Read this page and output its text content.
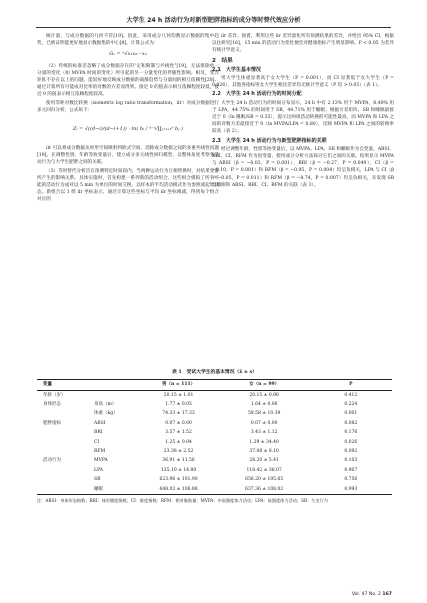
大学生 24 h 活动行为对新型肥胖指标的成分等时替代效应分析

统计量，与成分数据的几何不符[19]。因此，采用成分几何均数显示数据的集中趋势，已被证明能更好地显示数据集的中心[8]，计算公式为：

Gₓ = ⁿ√x₁x₂···xₙ

（2）传统的标准差忽略了成分数据存在的“定和限制与共线性”[19]，无法排除单一分量的变化（如 MVPA 时间的变化）所引起的另一分量变化的伴随性影响。相反，变异矩阵不存在以上的问题，能较好地反映成分数据的离散趋势与分量间的相互依赖性[20]。通过计算所有可能成对比率的对数的方差而得到。接近 0 的值表示相互依赖程度较低，接近 0 的值表示相互依赖程度较高。

使用等距对数比转换（isometric log ratio transformation，ilr）对成分数据进行多元回归分析，公式如下：

Zᵢ = √((d−i)/(d−i+1)) · ln( bᵢ / ᵈ⁻ⁱ√∏ⱼ₌ᵢ₊₁ᵈ bⱼ )

ilr 可以将成分数据从单形空间映射到欧式空间，消除成分数据之间的多重共线性问题[19]。在调整性别、年龄等协变量后，建立成分多元线性回归模型，以整体角度考察各活动行为与大学生肥胖之间的关联。

（3）等时替代分析旨在预测特定时间段内，当两种运动行为互相替换时，对结果变量所产生的影响关系。具体实施时，首先构建一系列新的活动组合，这些组合模拟了所有可能的活动行为成对以 5 min 为单位的时间交换。以样本的平均活动模式作为参照或起始状态。新组合以 1 组 ilr 坐标表示，通过计算这些坐标与平均 ilr 坐标相减，得到每个组合对应的

ilr 差异。接着，利用这些 ilr 差异量化所有预测结果的差异，并给出 95% CI，根据以往研究[16]，15 min 的活动行为变化便会对健康指标产生明显影响。P < 0.05 为差异有统计学意义。

2　结果
2.1　大学生基本情况

男大学生体重显著高于女大学生（P = 0.001），而 CI 显著低于女大学生（P = 0.026），其他各指标男女大学生相比差异均无统计学意义（P 均 > 0.05）（表 1）。

2.2　大学生 24 h 活动行为的时间分配

大学生 24 h 活动行为的时间分布显示，24 h 中有 2.13% 用于 MVPA，8.40% 用于 LPA，44.75% 的时间用于 SB，44.71% 用于睡眠；根据方差矩阵，SB 和睡眠最接近于 0（ln 睡眠/SB = 0.35），提示这两项活动转换的可能性最高，而 MVPA 和 LPA 之间的对数方差最接近于 0（ln MVPA/LPA = 0.80），反映 MVPA 和 LPA 之间的转换率较高（表 2）。

2.3　大学生 24 h 活动行为与新型肥胖指标的关联

经过调整年龄、性别等协变量后，以 MVPA、LPA、SB 和睡眠作为自变量，ABSI、BRI、CI、RFM 作为因变量，使用成分分析方法探讨它们之间的关联。结果显示 MVPA 与 ABSI（β = −0.03，P = 0.001）、BRI（β = −0.27，P = 0.049）、CI（β = −0.10，P = 0.001）和 RFM（β = −0.95，P = 0.004）均呈负相关，LPA 与 CI（β = −0.05，P = 0.011）和 RFM（β = −8.74，P = 0.007）均呈负相关，未发现 SB 与睡眠和 ABSI、BRI、CI、RFM 的关联（表 3）。

表 1　受试大学生的基本情况（x̄ ± s）
变量		男（n = 111）	女（n = 99）	P
年龄（岁）		20.15 ± 1.01	20.15 ± 0.96	0.412
身体形态	身高（m）	1.77 ± 0.05	1.64 ± 0.06	0.224
	体重（kg）	74.33 ± 17.33	59.58 ± 10.39	0.001
肥胖指标	ABSI	0.07 ± 0.00	0.07 ± 0.00	0.082
	BRI	3.57 ± 1.52	3.43 ± 1.12	0.176
	CI	1.25 ± 0.04	1.29 ± 34.40	0.026
	RFM	23.38 ± 2.52	37.08 ± 8.10	0.092
活动行为	MVPA	36.91 ± 11.56	28.20 ± 5.41	0.103
	LPA	135.10 ± 14.80	118.42 ± 36.07	0.907
	SB	623.96 ± 101.90	656.20 ± 105.65	0.756
	睡眠	648.02 ± 106.88	637.36 ± 108.02	0.993

注：ABSI：身体形态指数；BRI：体形圆度指数；CI：锥度指数；RFM：相对脂肪量；MVPA：中高强度体力活动；LPA：低强度体力活动；SB：久坐行为

Vol. 47 No. 2 167
